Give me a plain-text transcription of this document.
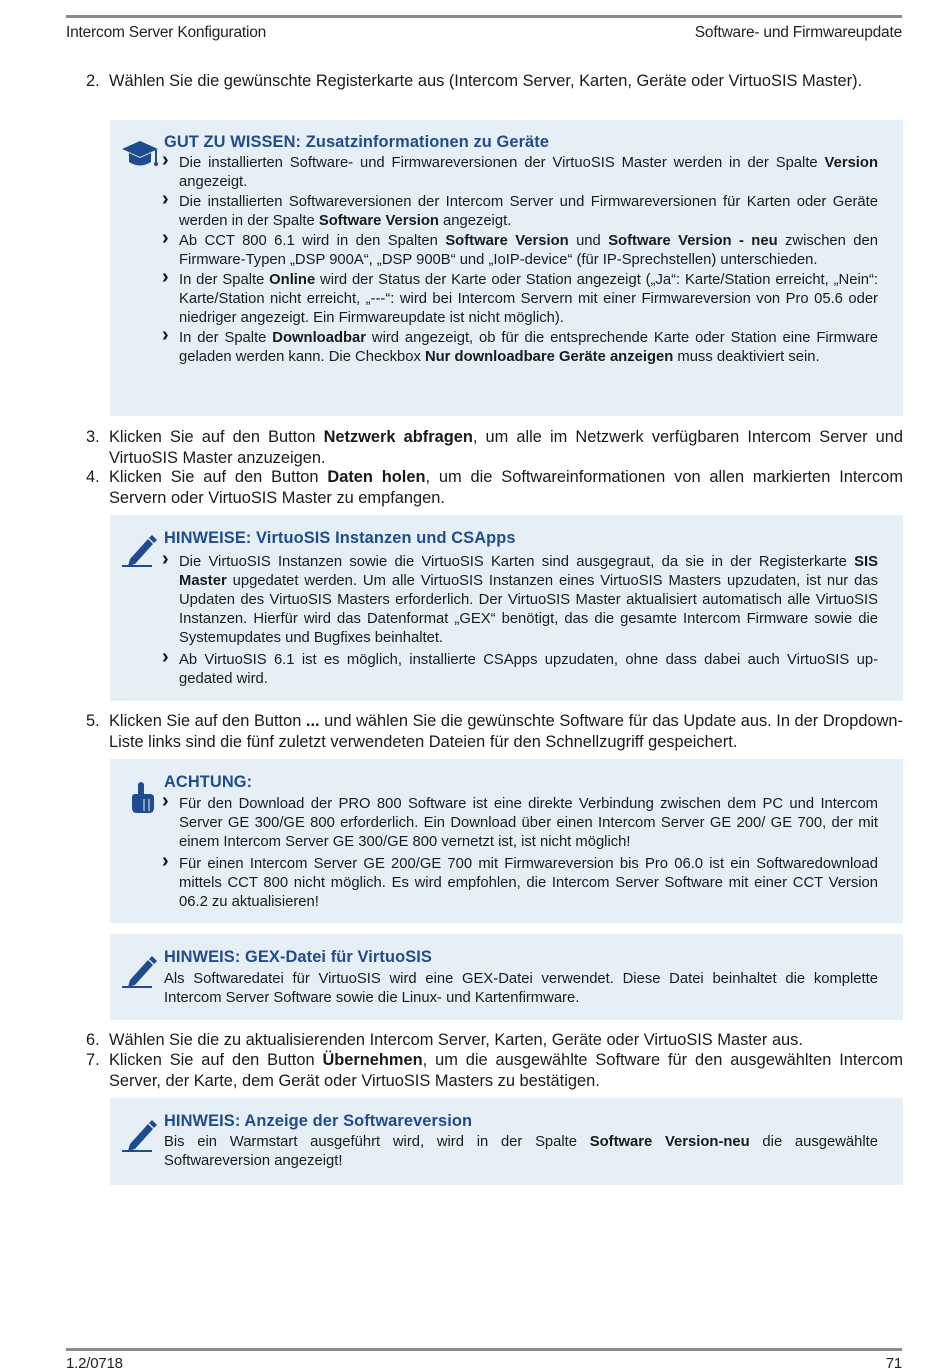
Intercom Server Konfiguration	Software- und Firmwareupdate
2. Wählen Sie die gewünschte Registerkarte aus (Intercom Server, Karten, Geräte oder VirtuoSIS Master).
GUT ZU WISSEN: Zusatzinformationen zu Geräte

› Die installierten Software- und Firmwareversionen der VirtuoSIS Master werden in der Spalte Version angezeigt.

› Die installierten Softwareversionen der Intercom Server und Firmwareversionen für Karten oder Geräte werden in der Spalte Software Version angezeigt.

› Ab CCT 800 6.1 wird in den Spalten Software Version und Software Version - neu zwischen den Firmware-Typen „DSP 900A“, „DSP 900B“ und „IoIP-device“ (für IP-Sprechstellen) unterschieden.

› In der Spalte Online wird der Status der Karte oder Station angezeigt („Ja“: Karte/Station erreicht, „Nein“: Karte/Station nicht erreicht, „---“: wird bei Intercom Servern mit einer Firmwareversion von Pro 05.6 oder niedriger angezeigt. Ein Firmwareupdate ist nicht möglich).

› In der Spalte Downloadbar wird angezeigt, ob für die entsprechende Karte oder Station eine Firmware geladen werden kann. Die Checkbox Nur downloadbare Geräte anzeigen muss deaktiviert sein.

3. Klicken Sie auf den Button Netzwerk abfragen, um alle im Netzwerk verfügbaren Intercom Server und VirtuoSIS Master anzuzeigen.
4. Klicken Sie auf den Button Daten holen, um die Softwareinformationen von allen markierten Intercom Servern oder VirtuoSIS Master zu empfangen.
HINWEISE: VirtuoSIS Instanzen und CSApps

› Die VirtuoSIS Instanzen sowie die VirtuoSIS Karten sind ausgegraut, da sie in der Registerkarte SIS Master upgedatet werden. Um alle VirtuoSIS Instanzen eines VirtuoSIS Masters upzudaten, ist nur das Updaten des VirtuoSIS Masters erforderlich. Der VirtuoSIS Master aktualisiert automatisch alle VirtuoSIS Instanzen. Hierfür wird das Datenformat „GEX“ benötigt, das die gesamte Intercom Firmware sowie die Systemupdates und Bugfixes beinhaltet.

› Ab VirtuoSIS 6.1 ist es möglich, installierte CSApps upzudaten, ohne dass dabei auch VirtuoSIS upgedated wird.

5. Klicken Sie auf den Button ... und wählen Sie die gewünschte Software für das Update aus. In der Dropdown-Liste links sind die fünf zuletzt verwendeten Dateien für den Schnellzugriff gespeichert.
ACHTUNG:

› Für den Download der PRO 800 Software ist eine direkte Verbindung zwischen dem PC und Intercom Server GE 300/GE 800 erforderlich. Ein Download über einen Intercom Server GE 200/ GE 700, der mit einem Intercom Server GE 300/GE 800 vernetzt ist, ist nicht möglich!

› Für einen Intercom Server GE 200/GE 700 mit Firmwareversion bis Pro 06.0 ist ein Softwaredownload mittels CCT 800 nicht möglich. Es wird empfohlen, die Intercom Server Software mit einer CCT Version 06.2 zu aktualisieren!

HINWEIS: GEX-Datei für VirtuoSIS

Als Softwaredatei für VirtuoSIS wird eine GEX-Datei verwendet. Diese Datei beinhaltet die komplette Intercom Server Software sowie die Linux- und Kartenfirmware.

6. Wählen Sie die zu aktualisierenden Intercom Server, Karten, Geräte oder VirtuoSIS Master aus.
7. Klicken Sie auf den Button Übernehmen, um die ausgewählte Software für den ausgewählten Intercom Server, der Karte, dem Gerät oder VirtuoSIS Masters zu bestätigen.
HINWEIS: Anzeige der Softwareversion

Bis ein Warmstart ausgeführt wird, wird in der Spalte Software Version-neu die ausgewählte Softwareversion angezeigt!

1.2/0718	71
